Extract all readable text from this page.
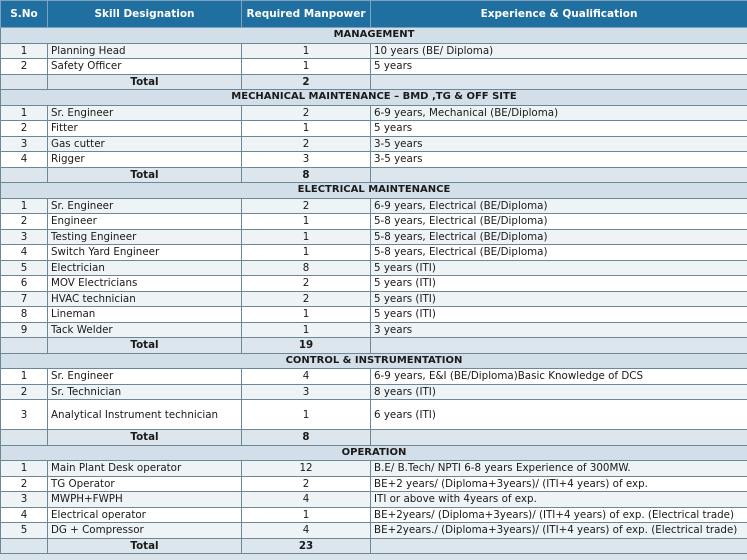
S.No	Skill Designation	Required Manpower	Experience & Qualification
MANAGEMENT			
1	Planning Head	1	10 years (BE/ Diploma)
2	Safety Officer	1	5 years
	Total	2	
MECHANICAL MAINTENANCE – BMD ,TG & OFF SITE			
1	Sr. Engineer	2	6-9 years, Mechanical (BE/Diploma)
2	Fitter	1	5 years
3	Gas cutter	2	3-5 years
4	Rigger	3	3-5 years
	Total	8	
ELECTRICAL MAINTENANCE			
1	Sr. Engineer	2	6-9 years, Electrical (BE/Diploma)
2	Engineer	1	5-8 years, Electrical (BE/Diploma)
3	Testing Engineer	1	5-8 years, Electrical (BE/Diploma)
4	Switch Yard Engineer	1	5-8 years, Electrical (BE/Diploma)
5	Electrician	8	5 years (ITI)
6	MOV Electricians	2	5 years (ITI)
7	HVAC technician	2	5 years (ITI)
8	Lineman	1	5 years (ITI)
9	Tack Welder	1	3 years
	Total	19	
CONTROL & INSTRUMENTATION			
1	Sr. Engineer	4	6-9 years, E&I (BE/Diploma)Basic Knowledge of DCS
2	Sr. Technician	3	8 years (ITI)
3	Analytical Instrument technician	1	6 years (ITI)
	Total	8	
OPERATION			
1	Main Plant Desk operator	12	B.E/ B.Tech/ NPTI 6-8 years Experience of 300MW.
2	TG Operator	2	BE+2 years/ (Diploma+3years)/ (ITI+4 years) of exp.
3	MWPH+FWPH	4	ITI or above with 4years of exp.
4	Electrical operator	1	BE+2years/ (Diploma+3years)/ (ITI+4 years) of exp. (Electrical trade)
5	DG + Compressor	4	BE+2years./ (Diploma+3years)/ (ITI+4 years) of exp. (Electrical trade)
	Total	23	
